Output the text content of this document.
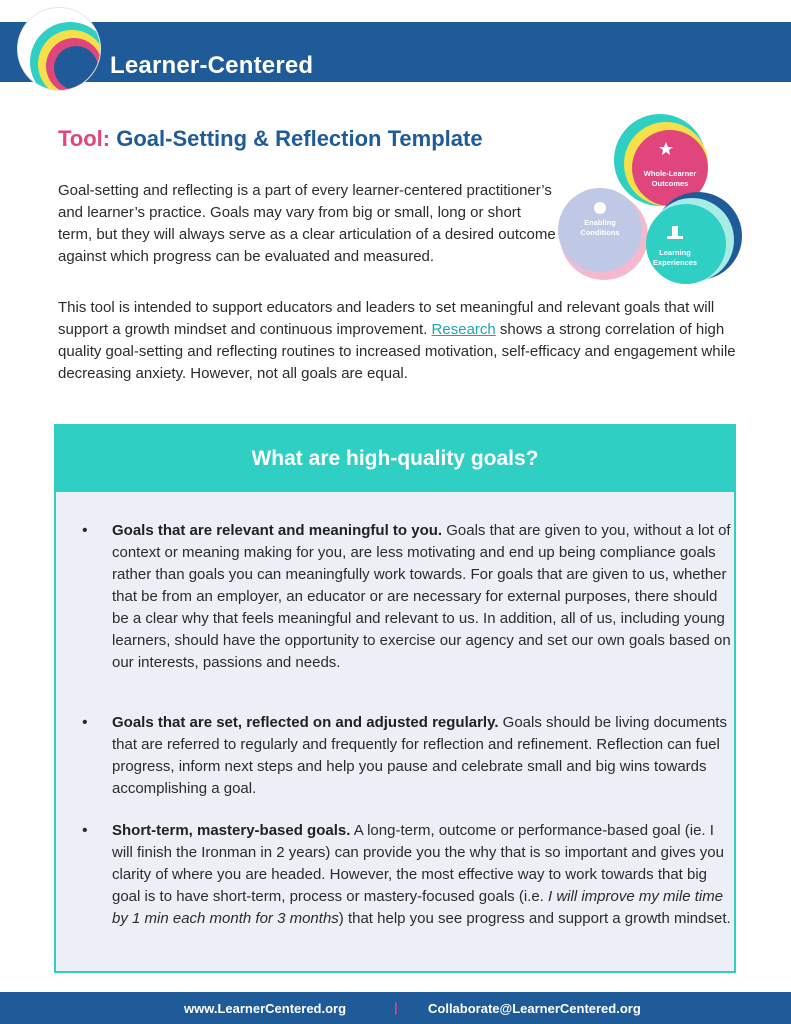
Learner-Centered
COLLABORATIVE
Tool: Goal-Setting & Reflection Template

Goal-setting and reflecting is a part of every learner-centered practitioner’s and learner’s practice. Goals may vary from big or small, long or short term, but they will always serve as a clear articulation of a desired outcome against which progress can be evaluated and measured.

Whole-Learner
Outcomes
Enabling
Conditions
Learning
Experiences

This tool is intended to support educators and leaders to set meaningful and relevant goals that will support a growth mindset and continuous improvement. Research shows a strong correlation of high quality goal-setting and reflecting routines to increased motivation, self-efficacy and engagement while decreasing anxiety. However, not all goals are equal.

What are high-quality goals?
• Goals that are relevant and meaningful to you. Goals that are given to you, without a lot of context or meaning making for you, are less motivating and end up being compliance goals rather than goals you can meaningfully work towards. For goals that are given to us, whether that be from an employer, an educator or are necessary for external purposes, there should be a clear why that feels meaningful and relevant to us. In addition, all of us, including young learners, should have the opportunity to exercise our agency and set our own goals based on our interests, passions and needs.
• Goals that are set, reflected on and adjusted regularly. Goals should be living documents that are referred to regularly and frequently for reflection and refinement. Reflection can fuel progress, inform next steps and help you pause and celebrate small and big wins towards accomplishing a goal.
• Short-term, mastery-based goals. A long-term, outcome or performance-based goal (ie. I will finish the Ironman in 2 years) can provide you the why that is so important and gives you clarity of where you are headed. However, the most effective way to work towards that big goal is to have short-term, process or mastery-focused goals (i.e. I will improve my mile time by 1 min each month for 3 months) that help you see progress and support a growth mindset.
www.LearnerCentered.org	| Collaborate@LearnerCentered.org
